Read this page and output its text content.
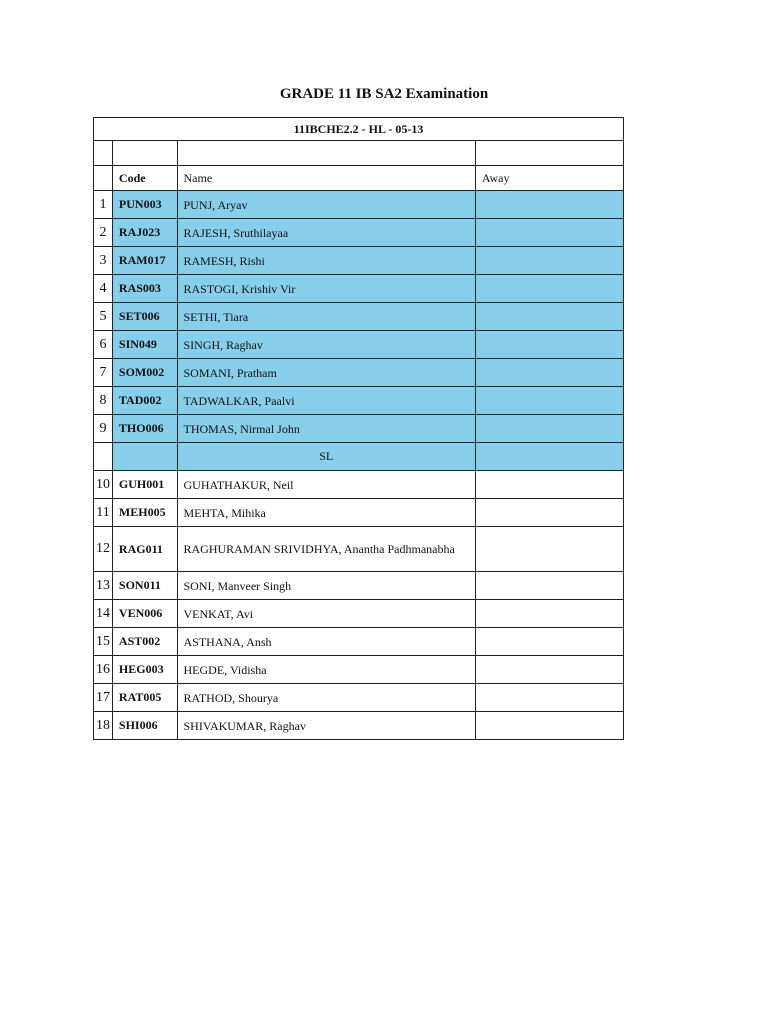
GRADE 11 IB SA2 Examination
11IBCHE2.2 - HL - 05-13			

	Code	Name	Away
1	PUN003	PUNJ, Aryav	

2	RAJ023	RAJESH, Sruthilayaa	

3	RAM017	RAMESH, Rishi	

4	RAS003	RASTOGI, Krishiv Vir	

5	SET006	SETHI, Tiara	

6	SIN049	SINGH, Raghav	

7	SOM002	SOMANI, Pratham	

8	TAD002	TADWALKAR, Paalvi	

9	THO006	THOMAS, Nirmal John	

		SL	
10	GUH001	GUHATHAKUR, Neil	

11	MEH005	MEHTA, Mihika	

12	RAG011	RAGHURAMAN SRIVIDHYA, Anantha Padhmanabha	

13	SON011	SONI, Manveer Singh	

14	VEN006	VENKAT, Avi	

15	AST002	ASTHANA, Ansh	

16	HEG003	HEGDE, Vidisha	

17	RAT005	RATHOD, Shourya	

18	SHI006	SHIVAKUMAR, Raghav	
